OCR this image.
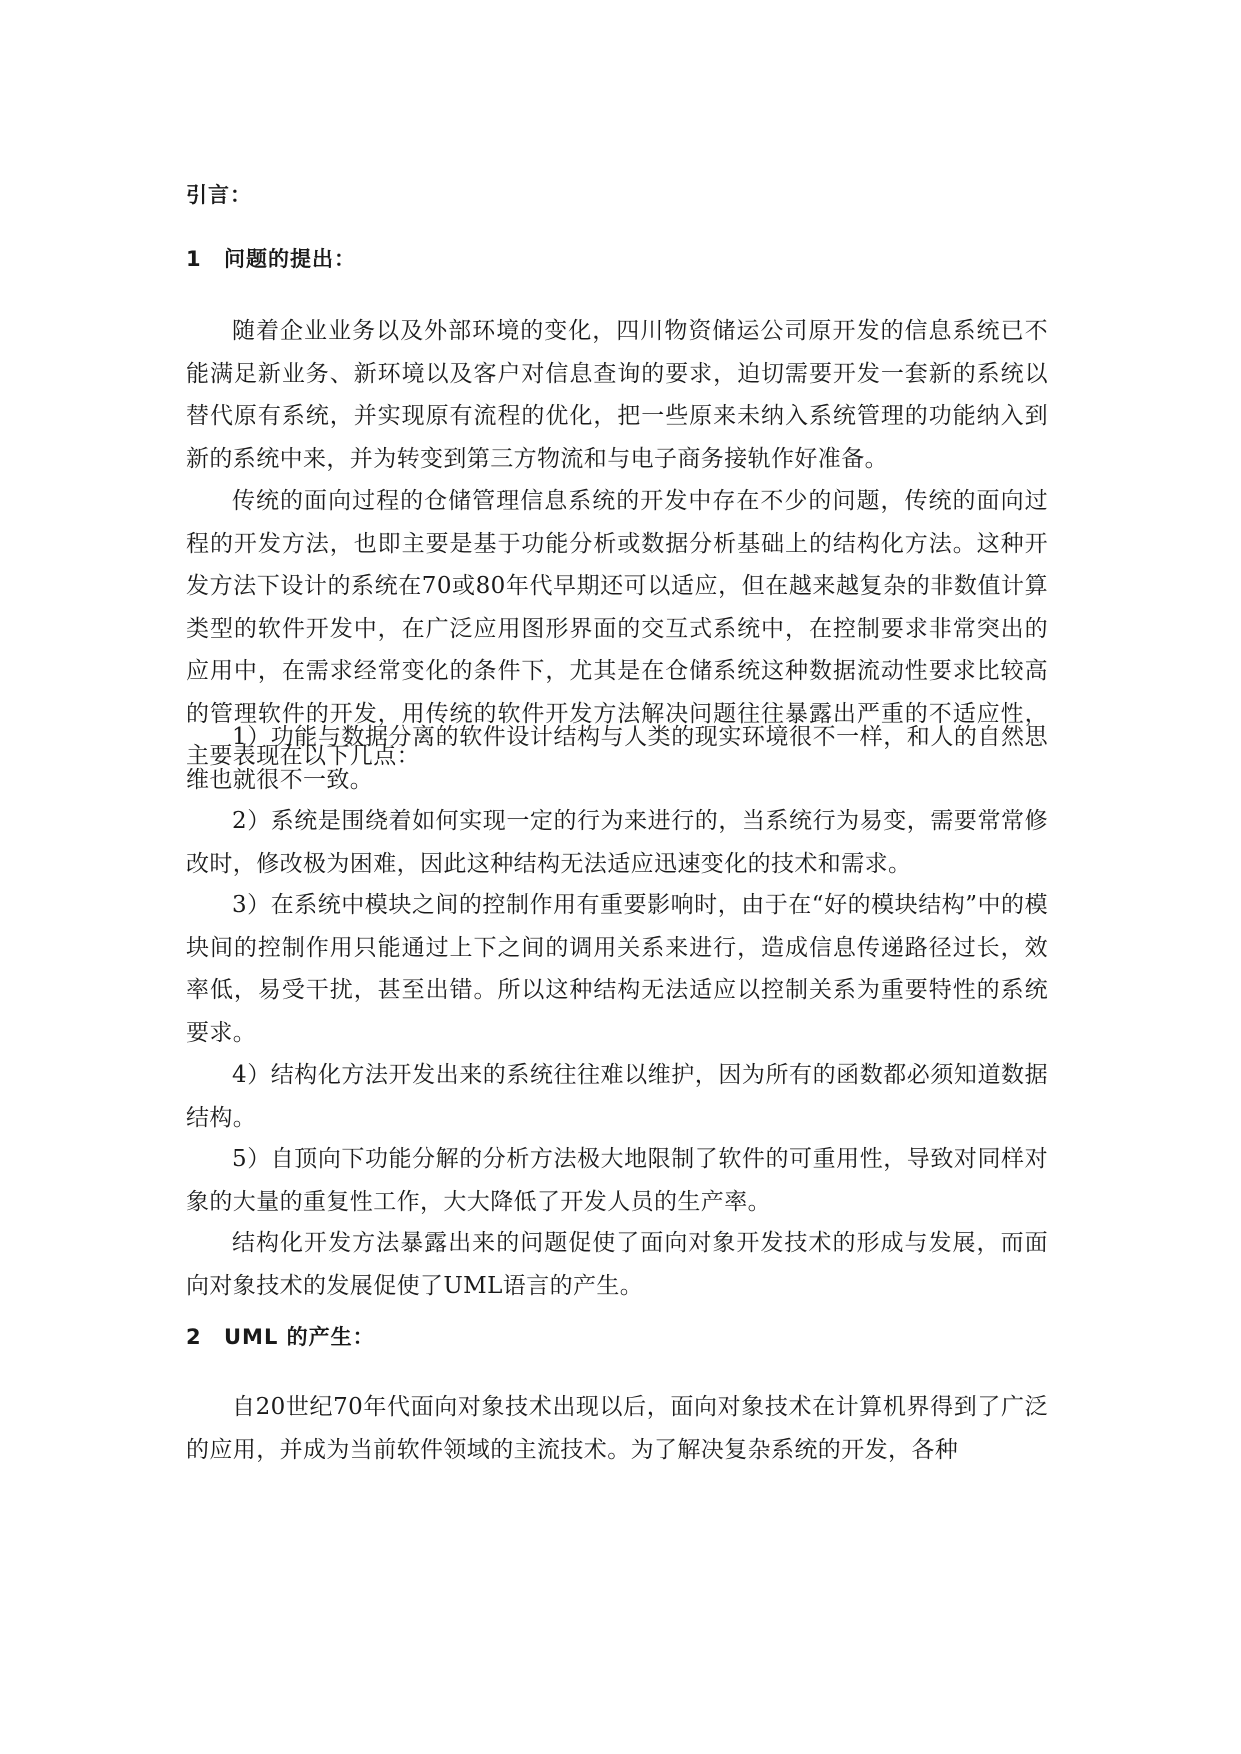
引言：
1 问题的提出：

随着企业业务以及外部环境的变化，四川物资储运公司原开发的信息系统已不能满足新业务、新环境以及客户对信息查询的要求，迫切需要开发一套新的系统以替代原有系统，并实现原有流程的优化，把一些原来未纳入系统管理的功能纳入到新的系统中来，并为转变到第三方物流和与电子商务接轨作好准备。

传统的面向过程的仓储管理信息系统的开发中存在不少的问题，传统的面向过程的开发方法，也即主要是基于功能分析或数据分析基础上的结构化方法。这种开发方法下设计的系统在70或80年代早期还可以适应，但在越来越复杂的非数值计算类型的软件开发中，在广泛应用图形界面的交互式系统中，在控制要求非常突出的应用中，在需求经常变化的条件下，尤其是在仓储系统这种数据流动性要求比较高的管理软件的开发，用传统的软件开发方法解决问题往往暴露出严重的不适应性，主要表现在以下几点：

1）功能与数据分离的软件设计结构与人类的现实环境很不一样，和人的自然思维也就很不一致。

2）系统是围绕着如何实现一定的行为来进行的，当系统行为易变，需要常常修改时，修改极为困难，因此这种结构无法适应迅速变化的技术和需求。

3）在系统中模块之间的控制作用有重要影响时，由于在“好的模块结构”中的模块间的控制作用只能通过上下之间的调用关系来进行，造成信息传递路径过长，效率低，易受干扰，甚至出错。所以这种结构无法适应以控制关系为重要特性的系统要求。

4）结构化方法开发出来的系统往往难以维护，因为所有的函数都必须知道数据结构。

5）自顶向下功能分解的分析方法极大地限制了软件的可重用性，导致对同样对象的大量的重复性工作，大大降低了开发人员的生产率。

结构化开发方法暴露出来的问题促使了面向对象开发技术的形成与发展，而面向对象技术的发展促使了UML语言的产生。

2 UML 的产生：

自20世纪70年代面向对象技术出现以后，面向对象技术在计算机界得到了广泛的应用，并成为当前软件领域的主流技术。为了解决复杂系统的开发，各种
